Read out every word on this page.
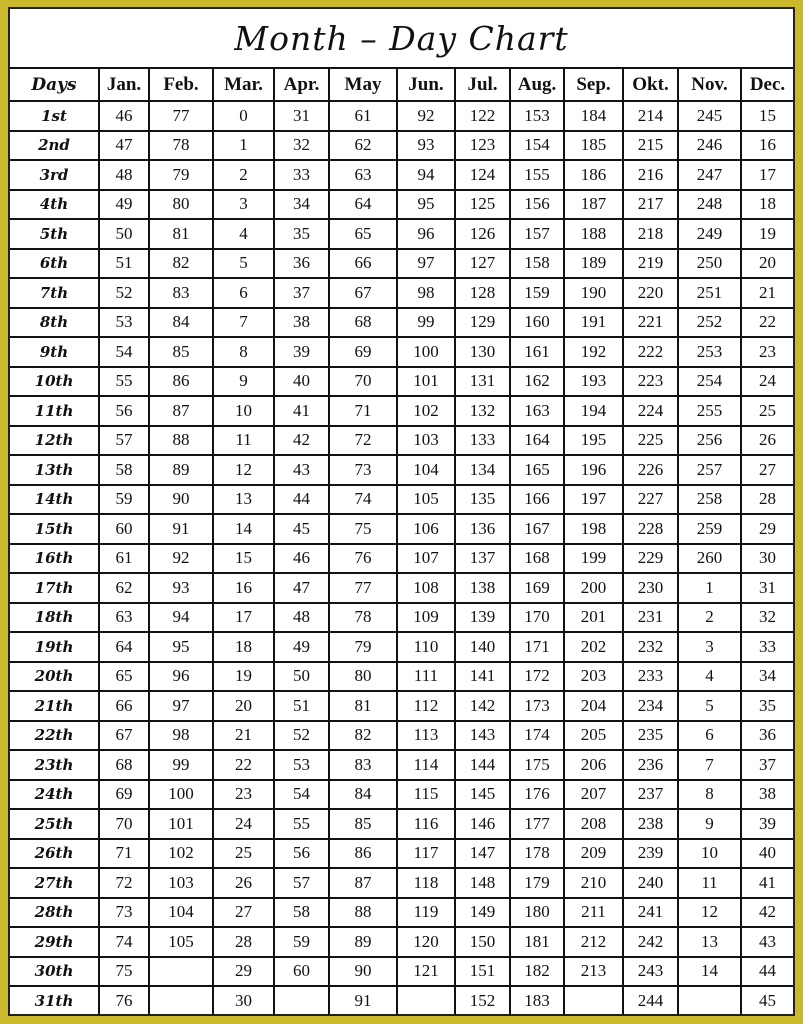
Month – Day Chart
Days	Jan.	Feb.	Mar.	Apr.	May	Jun.	Jul.	Aug.	Sep.	Okt.	Nov.	Dec.
1st	46	77	0	31	61	92	122	153	184	214	245	15
2nd	47	78	1	32	62	93	123	154	185	215	246	16
3rd	48	79	2	33	63	94	124	155	186	216	247	17
4th	49	80	3	34	64	95	125	156	187	217	248	18
5th	50	81	4	35	65	96	126	157	188	218	249	19
6th	51	82	5	36	66	97	127	158	189	219	250	20
7th	52	83	6	37	67	98	128	159	190	220	251	21
8th	53	84	7	38	68	99	129	160	191	221	252	22
9th	54	85	8	39	69	100	130	161	192	222	253	23
10th	55	86	9	40	70	101	131	162	193	223	254	24
11th	56	87	10	41	71	102	132	163	194	224	255	25
12th	57	88	11	42	72	103	133	164	195	225	256	26
13th	58	89	12	43	73	104	134	165	196	226	257	27
14th	59	90	13	44	74	105	135	166	197	227	258	28
15th	60	91	14	45	75	106	136	167	198	228	259	29
16th	61	92	15	46	76	107	137	168	199	229	260	30
17th	62	93	16	47	77	108	138	169	200	230	1	31
18th	63	94	17	48	78	109	139	170	201	231	2	32
19th	64	95	18	49	79	110	140	171	202	232	3	33
20th	65	96	19	50	80	111	141	172	203	233	4	34
21th	66	97	20	51	81	112	142	173	204	234	5	35
22th	67	98	21	52	82	113	143	174	205	235	6	36
23th	68	99	22	53	83	114	144	175	206	236	7	37
24th	69	100	23	54	84	115	145	176	207	237	8	38
25th	70	101	24	55	85	116	146	177	208	238	9	39
26th	71	102	25	56	86	117	147	178	209	239	10	40
27th	72	103	26	57	87	118	148	179	210	240	11	41
28th	73	104	27	58	88	119	149	180	211	241	12	42
29th	74	105	28	59	89	120	150	181	212	242	13	43
30th	75		29	60	90	121	151	182	213	243	14	44
31th	76		30		91		152	183		244		45
